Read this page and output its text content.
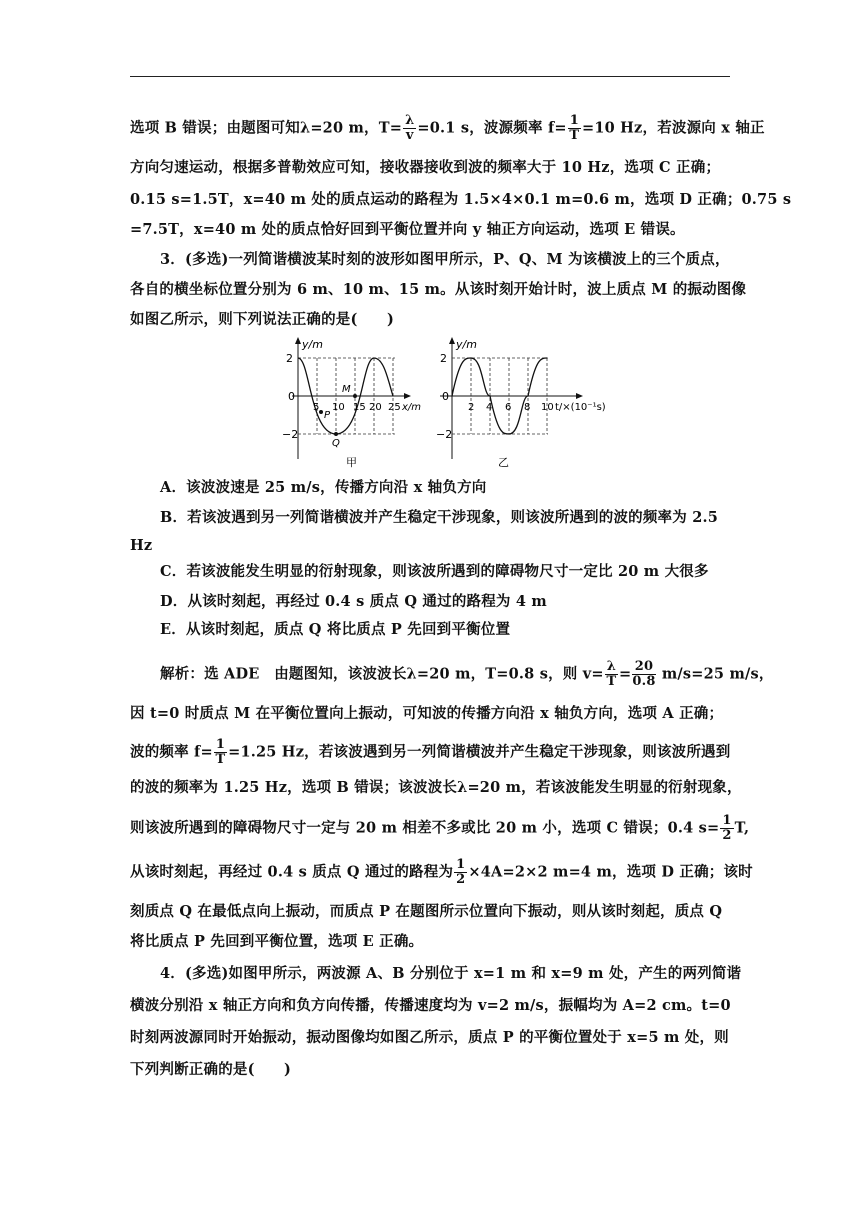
选项 B 错误；由题图可知λ=20 m，$T= \frac{\lambda}{v} =0.1$ s，波源频率 $f= \frac{1}{T} =10$ Hz，若波源向 x 轴正
方向匀速运动，根据多普勒效应可知，接收器接收到波的频率大于 10 Hz，选项 C 正确；
0.15 s=1.5T，x=40 m 处的质点运动的路程为 1.5×4×0.1 m=0.6 m，选项 D 正确；0.75 s
=7.5T，x=40 m 处的质点恰好回到平衡位置并向 y 轴正方向运动，选项 E 错误。
3．(多选)一列简谐横波某时刻的波形如图甲所示，P、Q、M 为该横波上的三个质点，
各自的横坐标位置分别为 6 m、10 m、15 m。从该时刻开始计时，波上质点 M 的振动图像
如图乙所示，则下列说法正确的是(　　)
y/m
2
0
−2
5 10 15 20 25 x/m
P
M
Q
甲
y/m
2
0
−2
2 4 6 8 10 t/×(10⁻¹s)
乙
A．该波波速是 25 m/s，传播方向沿 x 轴负方向
B．若该波遇到另一列简谐横波并产生稳定干涉现象，则该波所遇到的波的频率为 2.5
Hz
C．若该波能发生明显的衍射现象，则该波所遇到的障碍物尺寸一定比 20 m 大很多
D．从该时刻起，再经过 0.4 s 质点 Q 通过的路程为 4 m
E．从该时刻起，质点 Q 将比质点 P 先回到平衡位置
解析：选 ADE　由题图知，该波波长λ=20 m，T=0.8 s，则 $v= \frac{\lambda}{T} = \frac{20}{0.8} m/s=25$ m/s，
因 t=0 时质点 M 在平衡位置向上振动，可知波的传播方向沿 x 轴负方向，选项 A 正确；
波的频率 $f= \frac{1}{T} =1.25$ Hz，若该波遇到另一列简谐横波并产生稳定干涉现象，则该波所遇到
的波的频率为 1.25 Hz，选项 B 错误；该波波长λ=20 m，若该波能发生明显的衍射现象，
则该波所遇到的障碍物尺寸一定与 20 m 相差不多或比 20 m 小，选项 C 错误；0.4 $s= \frac{1}{2} T$,
从该时刻起，再经过 0.4 s 质点 Q 通过的路程为 $\frac{1}{2} \times 4A=2\times 2$ m=4 m，选项 D 正确；该时
刻质点 Q 在最低点向上振动，而质点 P 在题图所示位置向下振动，则从该时刻起，质点 Q
将比质点 P 先回到平衡位置，选项 E 正确。
4．(多选)如图甲所示，两波源 A、B 分别位于 x=1 m 和 x=9 m 处，产生的两列简谐
横波分别沿 x 轴正方向和负方向传播，传播速度均为 v=2 m/s，振幅均为 A=2 cm。t=0
时刻两波源同时开始振动，振动图像均如图乙所示，质点 P 的平衡位置处于 x=5 m 处，则
下列判断正确的是(　　)
